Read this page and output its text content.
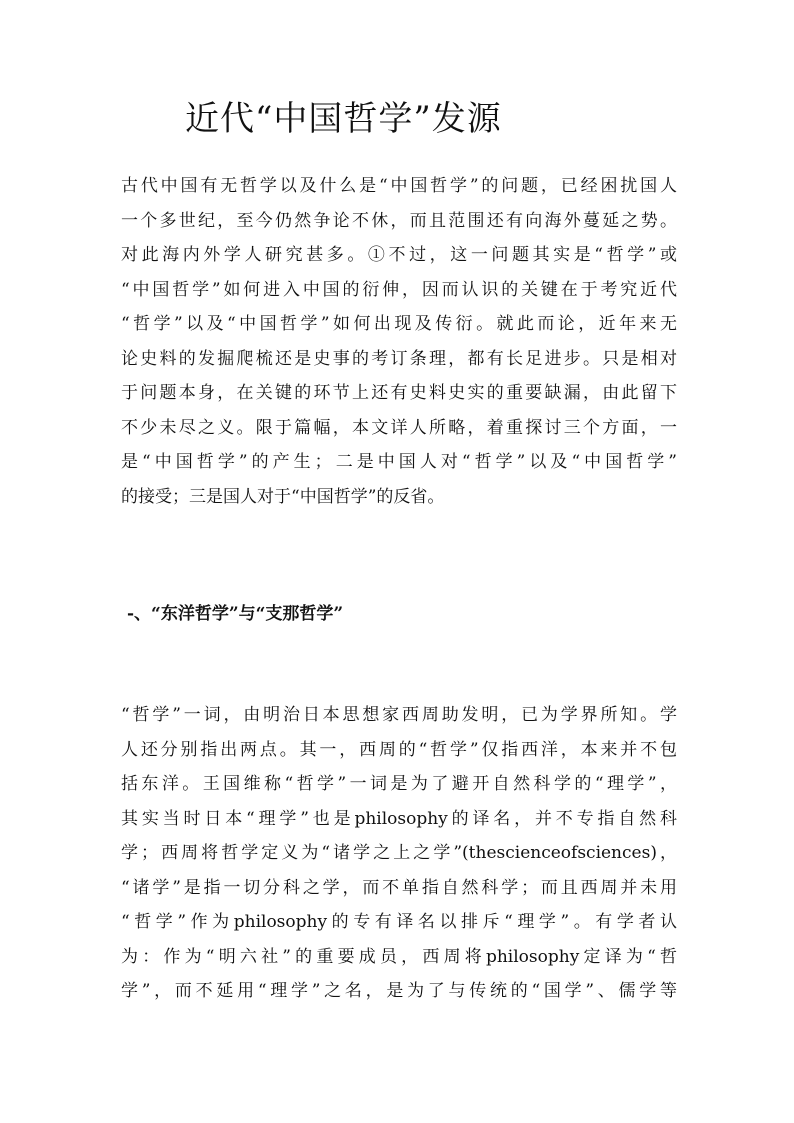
近代“中国哲学”发源
古代中国有无哲学以及什么是“中国哲学”的问题，已经困扰国人
一个多世纪，至今仍然争论不休，而且范围还有向海外蔓延之势。
对此海内外学人研究甚多。①不过，这一问题其实是“哲学”或
“中国哲学”如何进入中国的衍伸，因而认识的关键在于考究近代
“哲学”以及“中国哲学”如何出现及传衍。就此而论，近年来无
论史料的发掘爬梳还是史事的考订条理，都有长足进步。只是相对
于问题本身，在关键的环节上还有史料史实的重要缺漏，由此留下
不少未尽之义。限于篇幅，本文详人所略，着重探讨三个方面，一
是“中国哲学”的产生；二是中国人对“哲学”以及“中国哲学”
的接受；三是国人对于“中国哲学”的反省。
-、“东洋哲学”与“支那哲学”
“哲学”一词，由明治日本思想家西周助发明，已为学界所知。学
人还分别指出两点。其一，西周的“哲学”仅指西洋，本来并不包
括东洋。王国维称“哲学”一词是为了避开自然科学的“理学”，
其实当时日本“理学”也是philosophy的译名，并不专指自然科
学；西周将哲学定义为“诸学之上之学”(thescienceofsciences)，
“诸学”是指一切分科之学，而不单指自然科学；而且西周并未用
“哲学”作为philosophy的专有译名以排斥“理学”。有学者认
为：作为“明六社”的重要成员，西周将philosophy定译为“哲
学”，而不延用“理学”之名，是为了与传统的“国学”、儒学等
